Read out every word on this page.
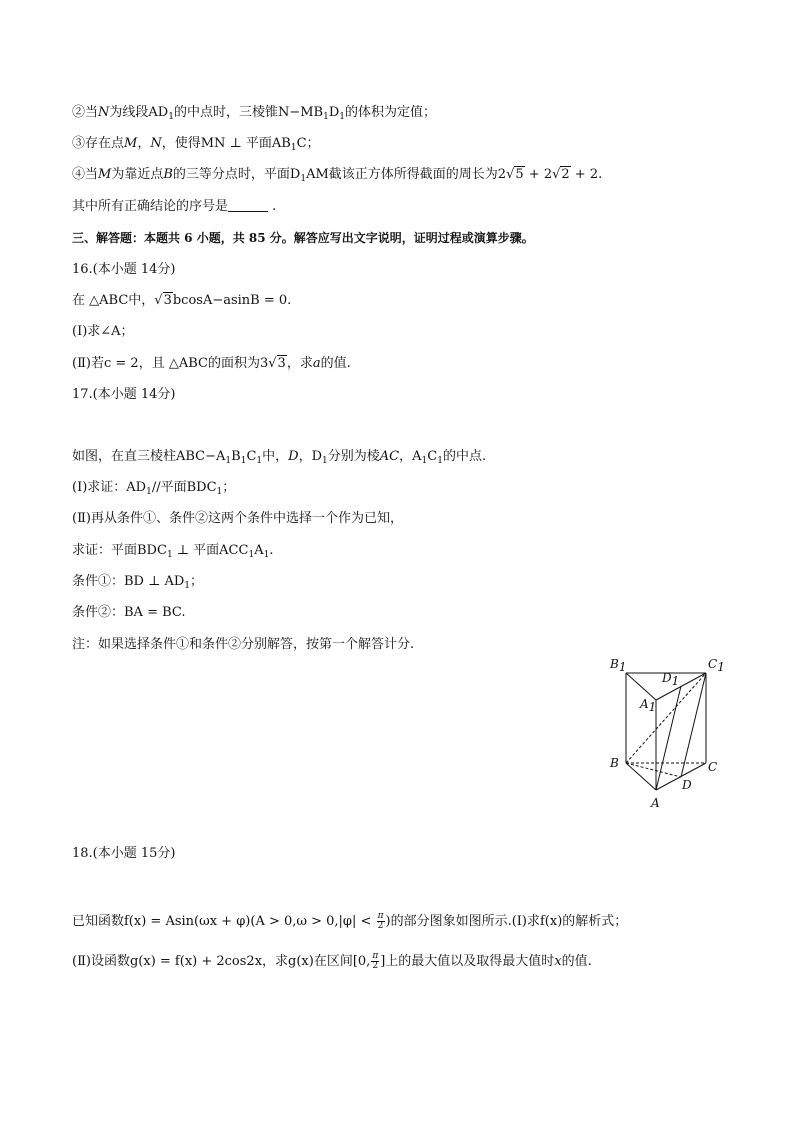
②当N为线段$AD_1$的中点时，三棱锥$N-MB_1D_1$的体积为定值；
③存在点M，N，使得MN ⊥ 平面$AB_1C$；
④当M为靠近点B的三等分点时，平面$D_1AM$截该正方体所得截面的周长为2√5 + 2√2 + 2.
其中所有正确结论的序号是	.
三、解答题：本题共 6 小题，共 85 分。解答应写出文字说明，证明过程或演算步骤。
16.(本小题 14分)
在 △ABC中，√3bcosA−asinB = 0.
(Ⅰ)求∠A；
(Ⅱ)若c = 2，且 △ABC的面积为3√3，求a的值.
17.(本小题 14分)
如图，在直三棱柱$ABC-A_1B_1C_1$中，D，$D_1$分别为棱AC，$A_1C_1$的中点.
(Ⅰ)求证：$AD_1//$平面$BDC_1$；
(Ⅱ)再从条件①、条件②这两个条件中选择一个作为已知，
求证：平面$BDC_1$ ⊥ 平面$ACC_1A_1$.
条件①：BD ⊥ $AD_1$；
条件②：BA = BC.
注：如果选择条件①和条件②分别解答，按第一个解答计分.
B1	C1
D1
A1
B	C
D
A
18.(本小题 15分)
已知函数$f(x) = Asin(\omega x + \varphi)(A > 0,\omega > 0,|\varphi| < \frac{\pi}{2}$ )的部分图象如图所示.(Ⅰ)求f(x)的解析式；
(Ⅱ)设函数g(x) = f(x) + 2cos2x，求g(x)在区间[0, $\frac{\pi}{2}$ ]上的最大值以及取得最大值时x的值.
